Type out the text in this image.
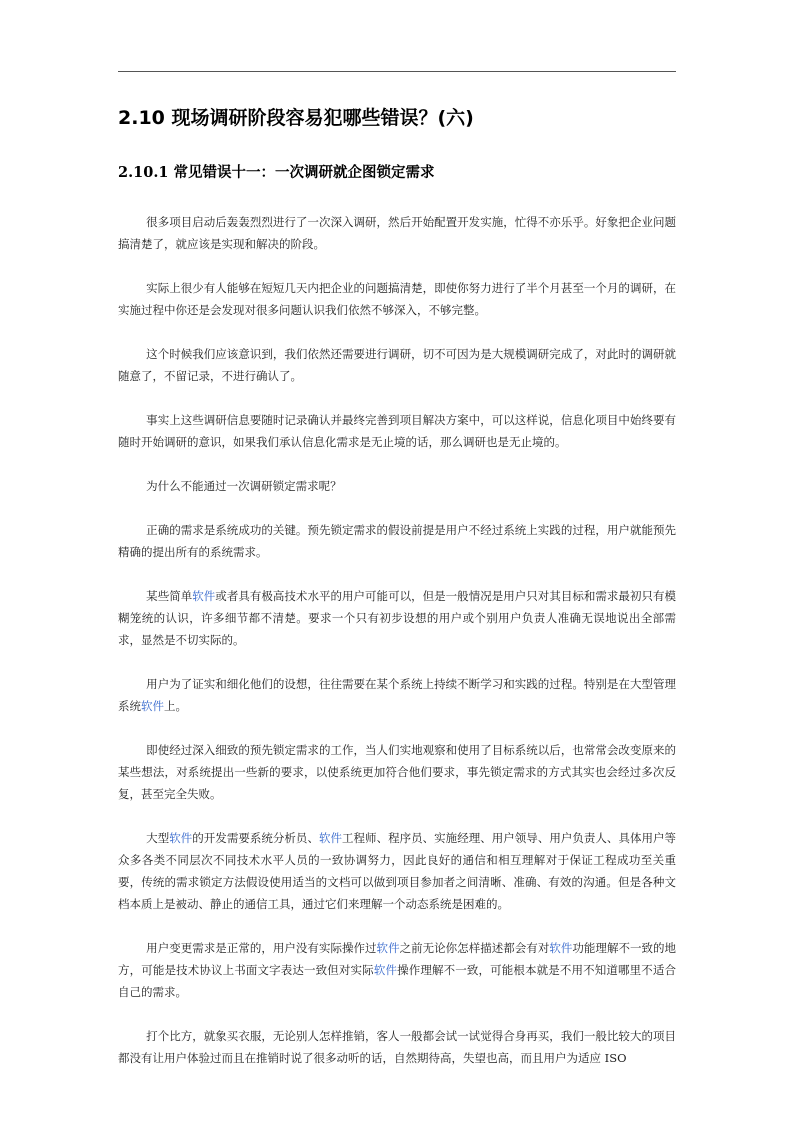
2.10 现场调研阶段容易犯哪些错误？(六)
2.10.1 常见错误十一：一次调研就企图锁定需求

很多项目启动后轰轰烈烈进行了一次深入调研，然后开始配置开发实施，忙得不亦乐乎。好象把企业问题搞清楚了，就应该是实现和解决的阶段。

实际上很少有人能够在短短几天内把企业的问题搞清楚，即使你努力进行了半个月甚至一个月的调研，在实施过程中你还是会发现对很多问题认识我们依然不够深入，不够完整。

这个时候我们应该意识到，我们依然还需要进行调研，切不可因为是大规模调研完成了，对此时的调研就随意了，不留记录，不进行确认了。

事实上这些调研信息要随时记录确认并最终完善到项目解决方案中，可以这样说，信息化项目中始终要有随时开始调研的意识，如果我们承认信息化需求是无止境的话，那么调研也是无止境的。

为什么不能通过一次调研锁定需求呢？

正确的需求是系统成功的关键。预先锁定需求的假设前提是用户不经过系统上实践的过程，用户就能预先精确的提出所有的系统需求。

某些简单软件或者具有极高技术水平的用户可能可以，但是一般情况是用户只对其目标和需求最初只有模糊笼统的认识，许多细节都不清楚。要求一个只有初步设想的用户或个别用户负责人准确无误地说出全部需求，显然是不切实际的。

用户为了证实和细化他们的设想，往往需要在某个系统上持续不断学习和实践的过程。特别是在大型管理系统软件上。

即使经过深入细致的预先锁定需求的工作，当人们实地观察和使用了目标系统以后，也常常会改变原来的某些想法，对系统提出一些新的要求，以使系统更加符合他们要求，事先锁定需求的方式其实也会经过多次反复，甚至完全失败。

大型软件的开发需要系统分析员、软件工程师、程序员、实施经理、用户领导、用户负责人、具体用户等众多各类不同层次不同技术水平人员的一致协调努力，因此良好的通信和相互理解对于保证工程成功至关重要，传统的需求锁定方法假设使用适当的文档可以做到项目参加者之间清晰、准确、有效的沟通。但是各种文档本质上是被动、静止的通信工具，通过它们来理解一个动态系统是困难的。

用户变更需求是正常的，用户没有实际操作过软件之前无论你怎样描述都会有对软件功能理解不一致的地方，可能是技术协议上书面文字表达一致但对实际软件操作理解不一致，可能根本就是不用不知道哪里不适合自己的需求。

打个比方，就象买衣服，无论别人怎样推销，客人一般都会试一试觉得合身再买，我们一般比较大的项目都没有让用户体验过而且在推销时说了很多动听的话，自然期待高，失望也高，而且用户为适应 ISO
